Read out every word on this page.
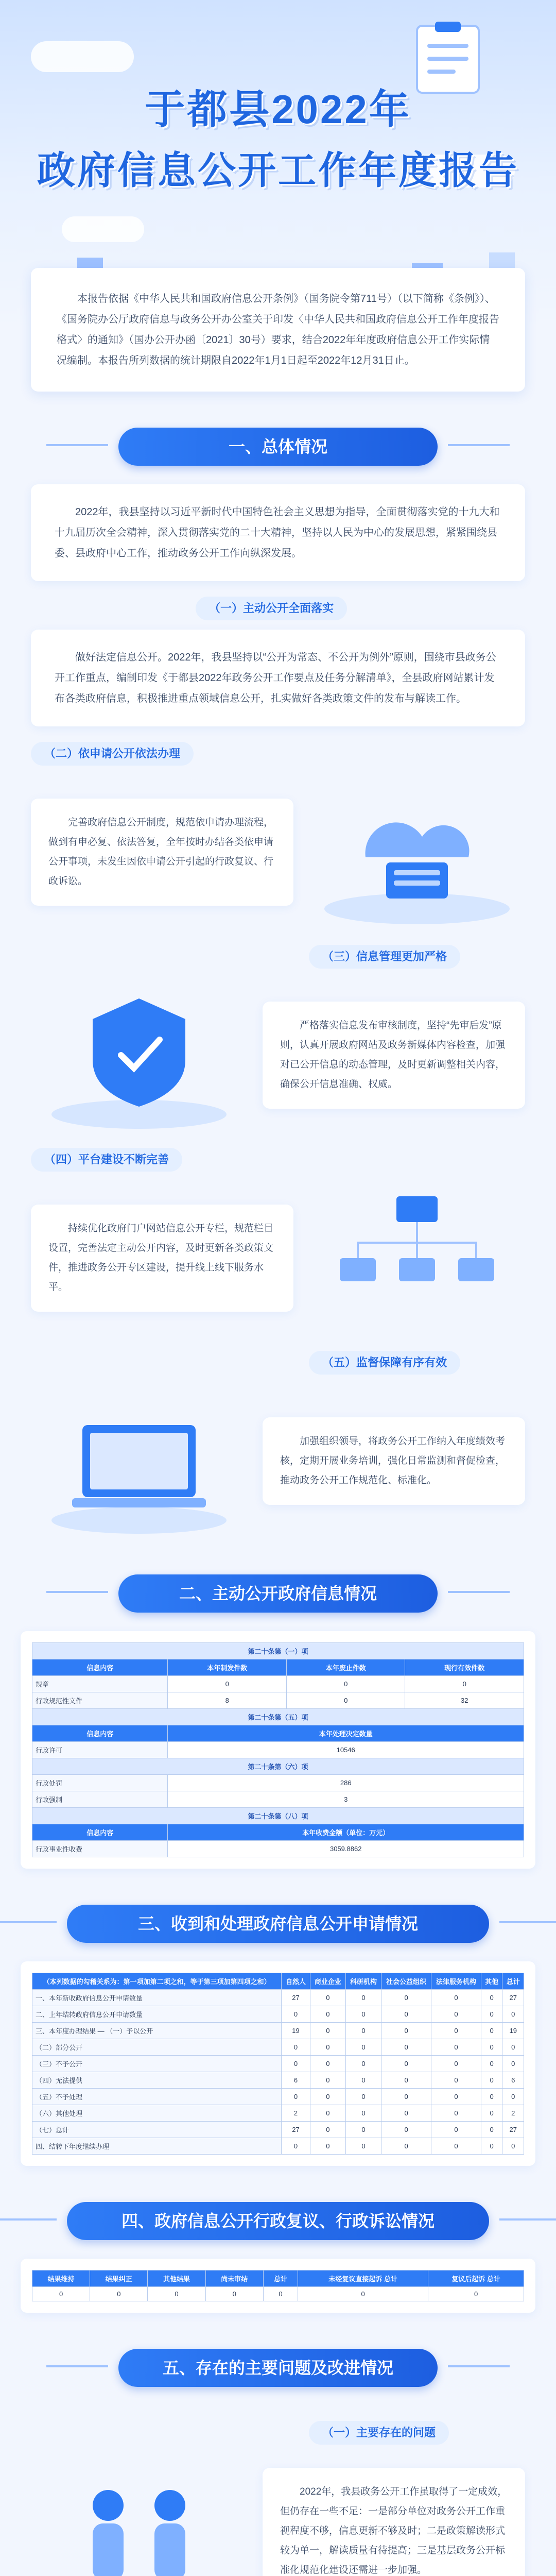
于都县2022年
政府信息公开工作年度报告
本报告依据《中华人民共和国政府信息公开条例》（国务院令第711号）（以下简称《条例》）、《国务院办公厅政府信息与政务公开办公室关于印发〈中华人民共和国政府信息公开工作年度报告格式〉的通知》（国办公开办函〔2021〕30号）要求，结合2022年年度政府信息公开工作实际情况编制。本报告所列数据的统计期限自2022年1月1日起至2022年12月31日止。
一、总体情况

2022年，我县坚持以习近平新时代中国特色社会主义思想为指导，全面贯彻落实党的十九大和十九届历次全会精神，深入贯彻落实党的二十大精神，坚持以人民为中心的发展思想，紧紧围绕县委、县政府中心工作，推动政务公开工作向纵深发展。

（一）主动公开全面落实

做好法定信息公开。2022年，我县坚持以“公开为常态、不公开为例外”原则，围绕市县政务公开工作重点，编制印发《于都县2022年政务公开工作要点及任务分解清单》，全县政府网站累计发布各类政府信息，积极推进重点领域信息公开，扎实做好各类政策文件的发布与解读工作。

（二）依申请公开依法办理
完善政府信息公开制度，规范依申请办理流程，做到有申必复、依法答复，全年按时办结各类依申请公开事项，未发生因依申请公开引起的行政复议、行政诉讼。
（三）信息管理更加严格
严格落实信息发布审核制度，坚持“先审后发”原则，认真开展政府网站及政务新媒体内容检查，加强对已公开信息的动态管理，及时更新调整相关内容，确保公开信息准确、权威。
（四）平台建设不断完善
持续优化政府门户网站信息公开专栏，规范栏目设置，完善法定主动公开内容，及时更新各类政策文件，推进政务公开专区建设，提升线上线下服务水平。
（五）监督保障有序有效
加强组织领导，将政务公开工作纳入年度绩效考核，定期开展业务培训，强化日常监测和督促检查，推动政务公开工作规范化、标准化。
二、主动公开政府信息情况
第二十条第（一）项			
信息内容	本年制发件数	本年废止件数	现行有效件数
规章	0	0	0
行政规范性文件	8	0	32
第二十条第（五）项			
信息内容	本年处理决定数量		
行政许可	10546		
第二十条第（六）项			
行政处罚	286		
行政强制	3		
第二十条第（八）项			
信息内容	本年收费金额（单位：万元）		
行政事业性收费	3059.8862		
三、收到和处理政府信息公开申请情况
（本列数据的勾稽关系为：第一项加第二项之和，等于第三项加第四项之和）	自然人	商业企业	科研机构	社会公益组织	法律服务机构	其他	总计
一、本年新收政府信息公开申请数量	27	0	0	0	0	0	27
二、上年结转政府信息公开申请数量	0	0	0	0	0	0	0
三、本年度办理结果 — （一）予以公开	19	0	0	0	0	0	19
（二）部分公开	0	0	0	0	0	0	0
（三）不予公开	0	0	0	0	0	0	0
（四）无法提供	6	0	0	0	0	0	6
（五）不予处理	0	0	0	0	0	0	0
（六）其他处理	2	0	0	0	0	0	2
（七）总计	27	0	0	0	0	0	27
四、结转下年度继续办理	0	0	0	0	0	0	0
四、政府信息公开行政复议、行政诉讼情况
结果维持	结果纠正	其他结果	尚未审结	总计	未经复议直接起诉 总计	复议后起诉 总计
0	0	0	0	0	0	0
五、存在的主要问题及改进情况
（一）主要存在的问题
2022年，我县政务公开工作虽取得了一定成效，但仍存在一些不足：一是部分单位对政务公开工作重视程度不够，信息更新不够及时；二是政策解读形式较为单一，解读质量有待提高；三是基层政务公开标准化规范化建设还需进一步加强。
